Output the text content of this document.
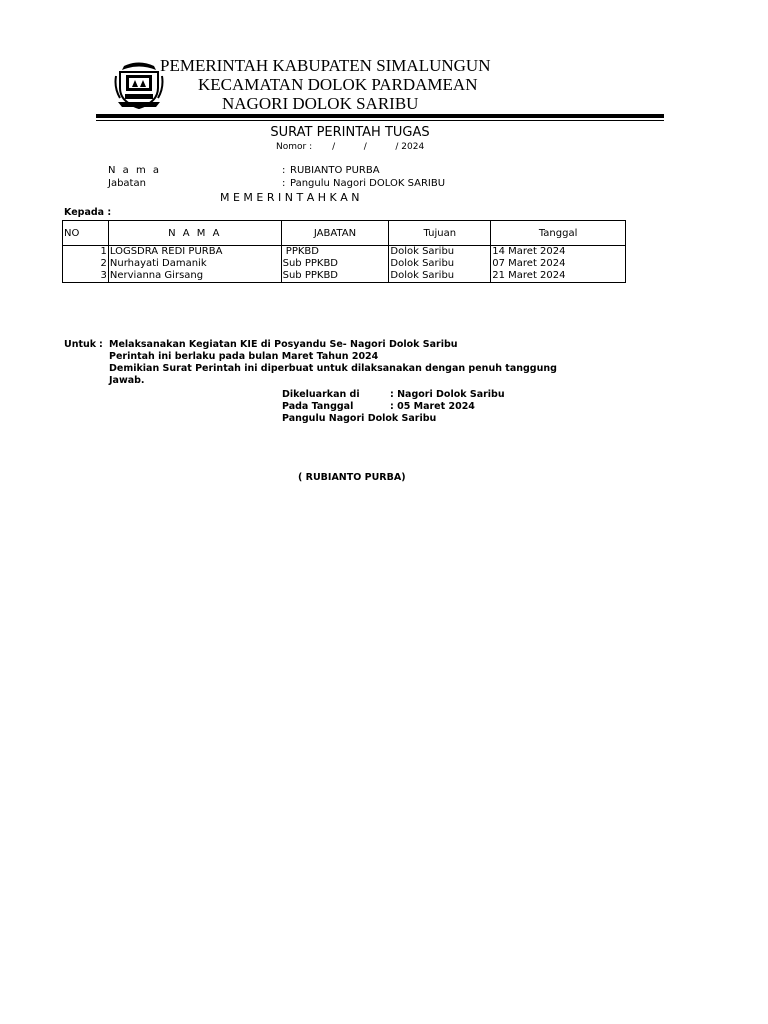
PEMERINTAH KABUPATEN SIMALUNGUN
KECAMATAN DOLOK PARDAMEAN
NAGORI DOLOK SARIBU
SURAT PERINTAH TUGAS
Nomor :       /          /          / 2024
N a m a	: RUBIANTO PURBA
Jabatan	: Pangulu Nagori DOLOK SARIBU
M E M E R I N T A H K A N
Kepada :
NO	N A M A	JABATAN	Tujuan	Tanggal
1	LOGSDRA REDI PURBA	PPKBD	Dolok Saribu	14 Maret 2024
2	Nurhayati Damanik	Sub PPKBD	Dolok Saribu	07 Maret 2024
3	Nervianna Girsang	Sub PPKBD	Dolok Saribu	21 Maret 2024
Untuk : Melaksanakan Kegiatan KIE di Posyandu Se- Nagori Dolok Saribu
Perintah ini berlaku pada bulan Maret Tahun 2024
Demikian Surat Perintah ini diperbuat untuk dilaksanakan dengan penuh tanggung
Jawab.
Dikeluarkan di	: Nagori Dolok Saribu
Pada Tanggal	: 05 Maret 2024
Pangulu Nagori Dolok Saribu
( RUBIANTO PURBA)
